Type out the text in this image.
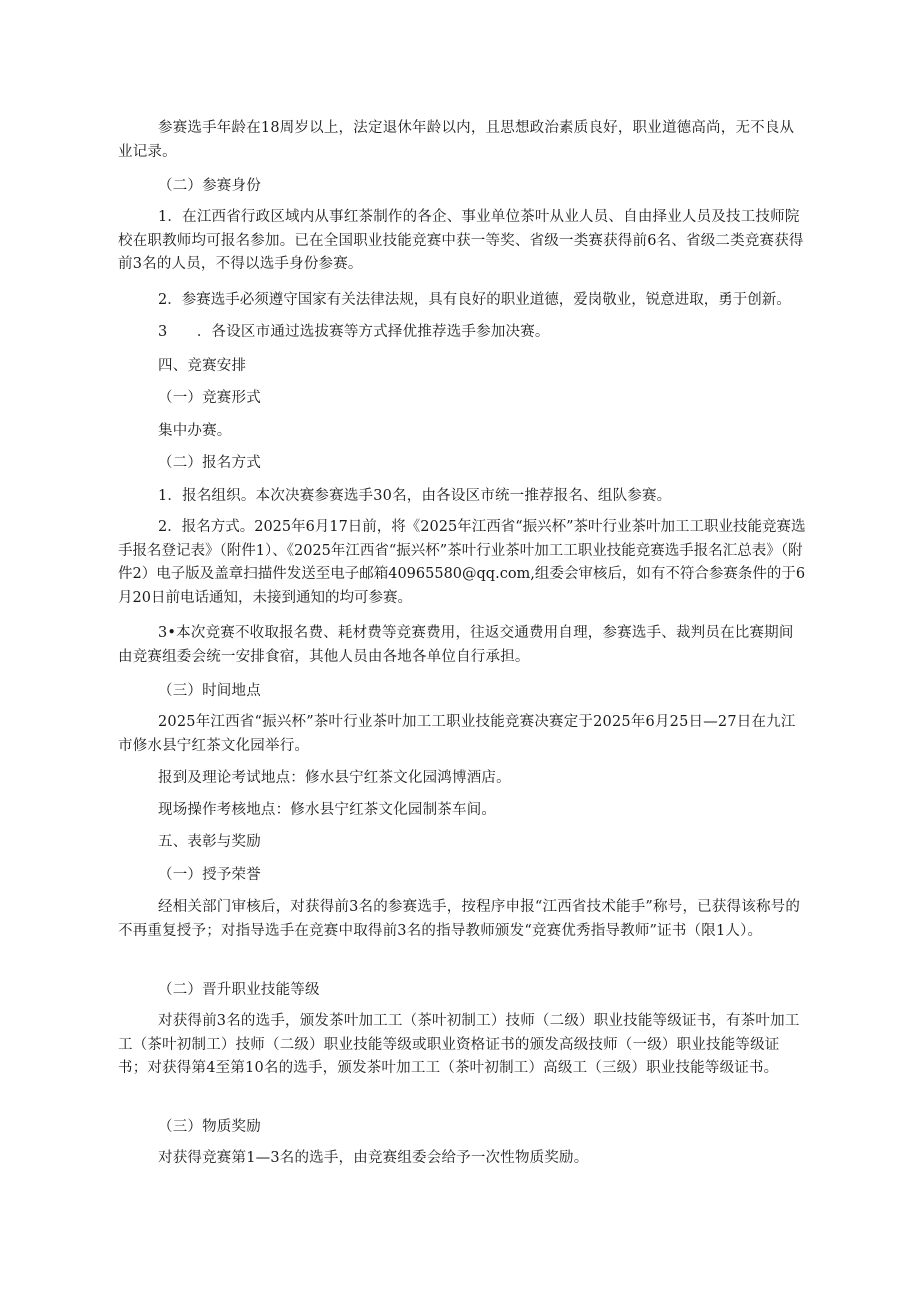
参赛选手年龄在18周岁以上，法定退休年龄以内，且思想政治素质良好，职业道德高尚，无不良从业记录。

（二）参赛身份

1．在江西省行政区域内从事红茶制作的各企、事业单位茶叶从业人员、自由择业人员及技工技师院校在职教师均可报名参加。已在全国职业技能竞赛中获一等奖、省级一类赛获得前6名、省级二类竞赛获得前3名的人员，不得以选手身份参赛。

2．参赛选手必须遵守国家有关法律法规，具有良好的职业道德，爱岗敬业，锐意进取，勇于创新。

3　　．各设区市通过选拔赛等方式择优推荐选手参加决赛。

四、竞赛安排

（一）竞赛形式

集中办赛。

（二）报名方式

1．报名组织。本次决赛参赛选手30名，由各设区市统一推荐报名、组队参赛。

2．报名方式。2025年6月17日前，将《2025年江西省“振兴杯”茶叶行业茶叶加工工职业技能竞赛选手报名登记表》（附件1）、《2025年江西省“振兴杯”茶叶行业茶叶加工工职业技能竞赛选手报名汇总表》（附件2）电子版及盖章扫描件发送至电子邮箱40965580@qq.com,组委会审核后，如有不符合参赛条件的于6月20日前电话通知，未接到通知的均可参赛。

3•本次竞赛不收取报名费、耗材费等竞赛费用，往返交通费用自理，参赛选手、裁判员在比赛期间由竞赛组委会统一安排食宿，其他人员由各地各单位自行承担。

（三）时间地点

2025年江西省“振兴杯”茶叶行业茶叶加工工职业技能竞赛决赛定于2025年6月25日—27日在九江市修水县宁红茶文化园举行。

报到及理论考试地点：修水县宁红茶文化园鸿博酒店。

现场操作考核地点：修水县宁红茶文化园制茶车间。

五、表彰与奖励

（一）授予荣誉

经相关部门审核后，对获得前3名的参赛选手，按程序申报“江西省技术能手”称号，已获得该称号的不再重复授予；对指导选手在竞赛中取得前3名的指导教师颁发“竞赛优秀指导教师”证书（限1人）。

（二）晋升职业技能等级

对获得前3名的选手，颁发茶叶加工工（茶叶初制工）技师（二级）职业技能等级证书，有茶叶加工工（茶叶初制工）技师（二级）职业技能等级或职业资格证书的颁发高级技师（一级）职业技能等级证书；对获得第4至第10名的选手，颁发茶叶加工工（茶叶初制工）高级工（三级）职业技能等级证书。

（三）物质奖励

对获得竞赛第1—3名的选手，由竞赛组委会给予一次性物质奖励。
